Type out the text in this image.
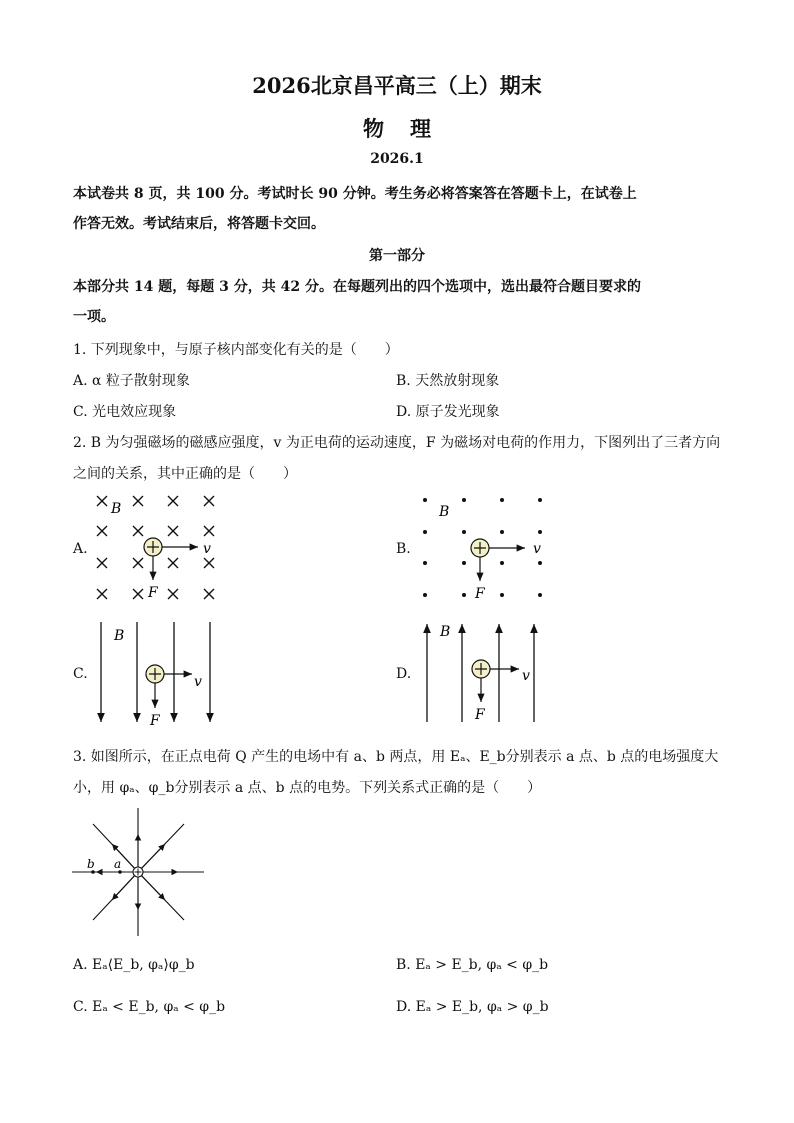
2026北京昌平高三（上）期末
物理
2026.1
本试卷共 8 页，共 100 分。考试时长 90 分钟。考生务必将答案答在答题卡上，在试卷上
作答无效。考试结束后，将答题卡交回。
第一部分
本部分共 14 题，每题 3 分，共 42 分。在每题列出的四个选项中，选出最符合题目要求的
一项。
1. 下列现象中，与原子核内部变化有关的是（　　）
A. α 粒子散射现象	B. 天然放射现象
C. 光电效应现象	D. 原子发光现象
2. B 为匀强磁场的磁感应强度，v 为正电荷的运动速度，F 为磁场对电荷的作用力，下图列出了三者方向
之间的关系，其中正确的是（　　）
A.	B.
C.	D.
B
v
F
B
v
F
B
v
F
B
v
F
3. 如图所示，在正点电荷 Q 产生的电场中有 a、b 两点，用 Eₐ、E_b分别表示 a 点、b 点的电场强度大
小，用 φₐ、φ_b分别表示 a 点、b 点的电势。下列关系式正确的是（　　）
b a
A. Eₐ⟨E_b, φₐ⟩φ_b	B. Eₐ > E_b, φₐ < φ_b
C. Eₐ < E_b, φₐ < φ_b	D. Eₐ > E_b, φₐ > φ_b
